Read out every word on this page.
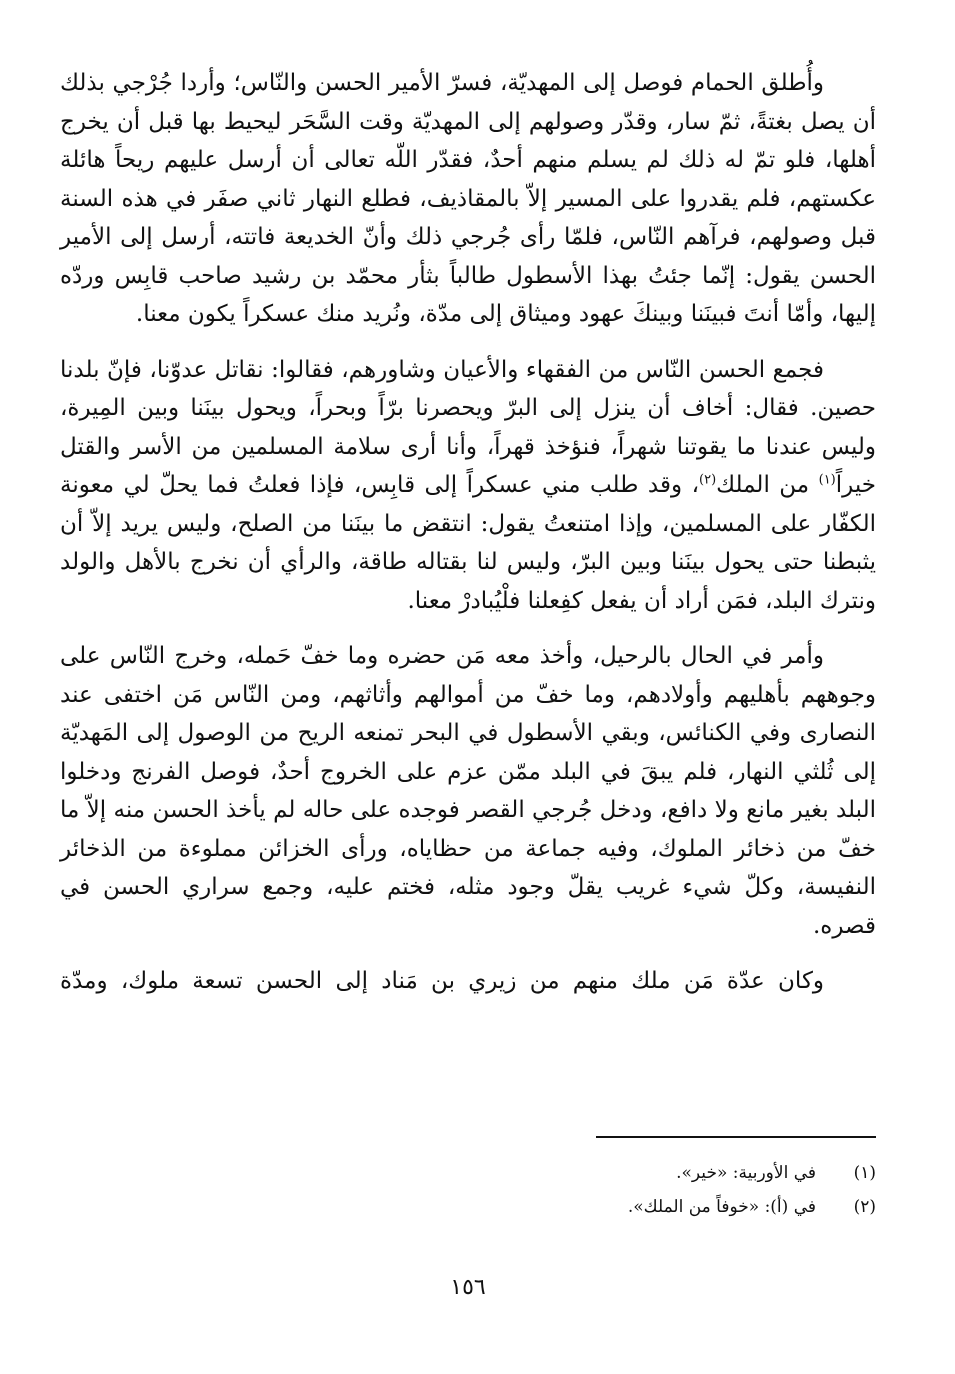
وأُطلق الحمام فوصل إلى المهديّة، فسرّ الأمير الحسن والنّاس؛ وأردا جُرْجي بذلك أن يصل بغتةً، ثمّ سار، وقدّر وصولهم إلى المهديّة وقت السَّحَر ليحيط بها قبل أن يخرج أهلها، فلو تمّ له ذلك لم يسلم منهم أحدٌ، فقدّر اللّه تعالى أن أرسل عليهم ريحاً هائلة عكستهم، فلم يقدروا على المسير إلاّ بالمقاذيف، فطلع النهار ثاني صفَر في هذه السنة قبل وصولهم، فرآهم النّاس، فلمّا رأى جُرجي ذلك وأنّ الخديعة فاتته، أرسل إلى الأمير الحسن يقول: إنّما جئتُ بهذا الأسطول طالباً بثأر محمّد بن رشيد صاحب قابِس وردّه إليها، وأمّا أنتَ فبينَنا وبينكَ عهود وميثاق إلى مدّة، ونُريد منك عسكراً يكون معنا.

فجمع الحسن النّاس من الفقهاء والأعيان وشاورهم، فقالوا: نقاتل عدوّنا، فإنّ بلدنا حصين. فقال: أخاف أن ينزل إلى البرّ ويحصرنا برّاً وبحراً، ويحول بينَنا وبين المِيرة، وليس عندنا ما يقوتنا شهراً، فنؤخذ قهراً، وأنا أرى سلامة المسلمين من الأسر والقتل خيراً$^{(١)}$ من الملك$^{(٢)}$، وقد طلب مني عسكراً إلى قابِس، فإذا فعلتُ فما يحلّ لي معونة الكفّار على المسلمين، وإذا امتنعتُ يقول: انتقض ما بينَنا من الصلح، وليس يريد إلاّ أن يثبطنا حتى يحول بينَنا وبين البرّ، وليس لنا بقتاله طاقة، والرأي أن نخرج بالأهل والولد ونترك البلد، فمَن أراد أن يفعل كفِعلنا فلْيُبادرْ معنا.

وأمر في الحال بالرحيل، وأخذ معه مَن حضره وما خفّ حَمله، وخرج النّاس على وجوههم بأهليهم وأولادهم، وما خفّ من أموالهم وأثاثهم، ومن النّاس مَن اختفى عند النصارى وفي الكنائس، وبقي الأسطول في البحر تمنعه الريح من الوصول إلى المَهديّة إلى ثُلثي النهار، فلم يبقَ في البلد ممّن عزم على الخروج أحدٌ، فوصل الفرنج ودخلوا البلد بغير مانع ولا دافع، ودخل جُرجي القصر فوجده على حاله لم يأخذ الحسن منه إلاّ ما خفّ من ذخائر الملوك، وفيه جماعة من حظاياه، ورأى الخزائن مملوءة من الذخائر النفيسة، وكلّ شيء غريب يقلّ وجود مثله، فختم عليه، وجمع سراري الحسن في قصره.

وكان عدّة مَن ملك منهم من زيري بن مَناد إلى الحسن تسعة ملوك، ومدّة

(١)
في الأوربية: «خير».
(٢)
في (أ): «خوفاً من الملك».
١٥٦
